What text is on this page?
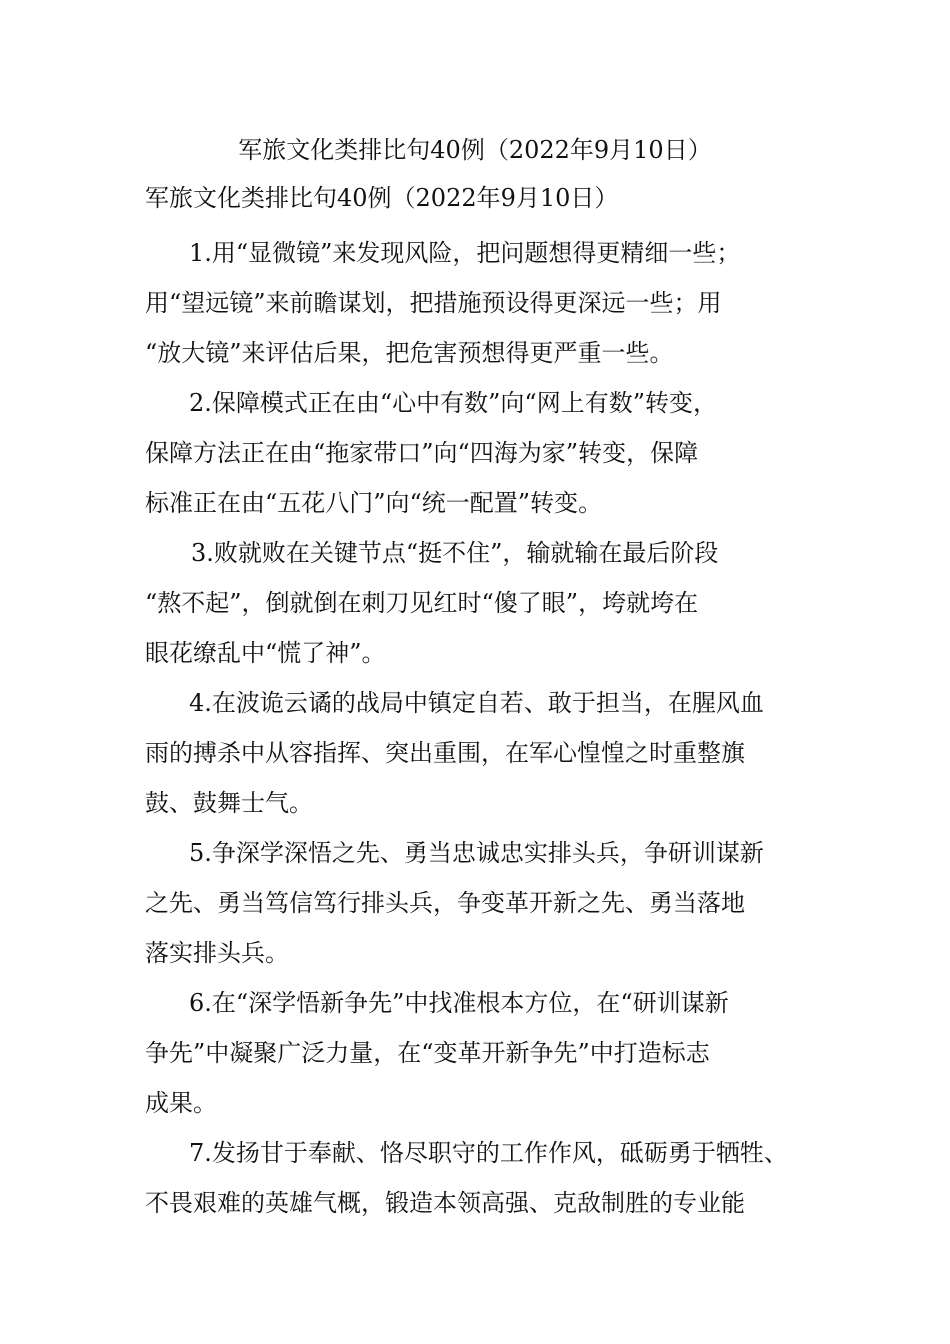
军旅文化类排比句40例（2022年9月10日）
军旅文化类排比句40例（2022年9月10日）

1.用“显微镜”来发现风险，把问题想得更精细一些；
用“望远镜”来前瞻谋划，把措施预设得更深远一些；用
“放大镜”来评估后果，把危害预想得更严重一些。

2.保障模式正在由“心中有数”向“网上有数”转变，
保障方法正在由“拖家带口”向“四海为家”转变，保障
标准正在由“五花八门”向“统一配置”转变。

3.败就败在关键节点“挺不住”，输就输在最后阶段
“熬不起”，倒就倒在刺刀见红时“傻了眼”，垮就垮在
眼花缭乱中“慌了神”。

4.在波诡云谲的战局中镇定自若、敢于担当，在腥风血
雨的搏杀中从容指挥、突出重围，在军心惶惶之时重整旗
鼓、鼓舞士气。

5.争深学深悟之先、勇当忠诚忠实排头兵，争研训谋新
之先、勇当笃信笃行排头兵，争变革开新之先、勇当落地
落实排头兵。

6.在“深学悟新争先”中找准根本方位，在“研训谋新
争先”中凝聚广泛力量，在“变革开新争先”中打造标志
成果。

7.发扬甘于奉献、恪尽职守的工作作风，砥砺勇于牺牲、
不畏艰难的英雄气概，锻造本领高强、克敌制胜的专业能
